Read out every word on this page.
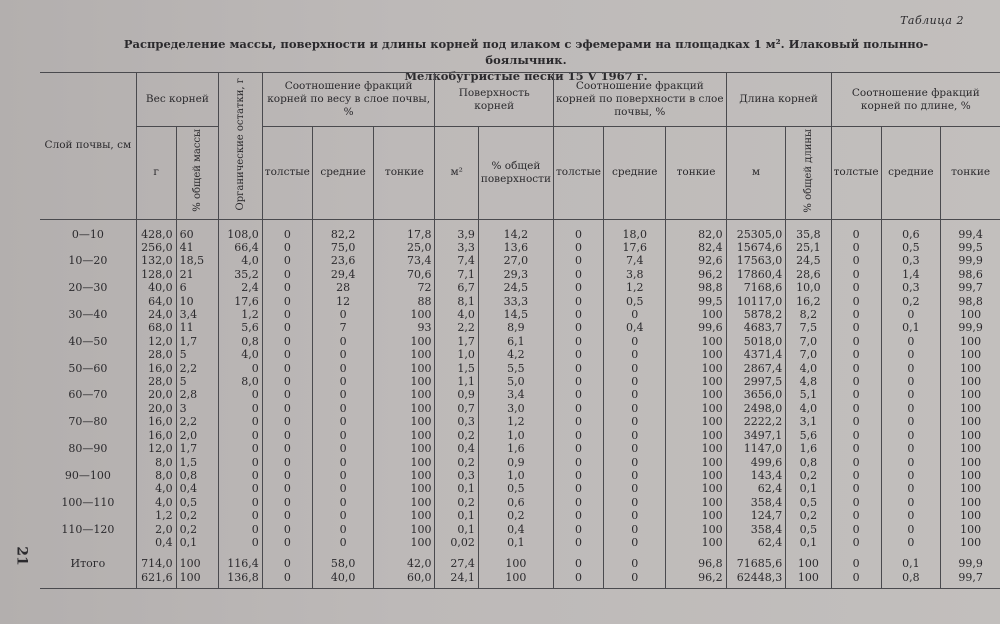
Таблица 2
Распределение массы, поверхности и длины корней под илаком с эфемерами на площадках 1 м². Илаковый полынно-боялычник.
Мелкобугристые пески 15 V 1967 г.
21
Слой почвы, см	Вес корней		Органические остатки, г	Соотношение фракций корней по весу в слое почвы, %			Поверхность корней		Соотношение фракций корней по поверхности в слое почвы, %			Длина корней		Соотношение фракций корней по длине, %		
	г	% общей массы		толстые	средние	тонкие	м²	% общей поверхности	толстые	средние	тонкие	м	% общей длины	толстые	средние	тонкие
0—10	428,0	60	108,0	0	82,2	17,8	3,9	14,2	0	18,0	82,0	25305,0	35,8	0	0,6	99,4
	256,0	41	66,4	0	75,0	25,0	3,3	13,6	0	17,6	82,4	15674,6	25,1	0	0,5	99,5
10—20	132,0	18,5	4,0	0	23,6	73,4	7,4	27,0	0	7,4	92,6	17563,0	24,5	0	0,3	99,9
	128,0	21	35,2	0	29,4	70,6	7,1	29,3	0	3,8	96,2	17860,4	28,6	0	1,4	98,6
20—30	40,0	6	2,4	0	28	72	6,7	24,5	0	1,2	98,8	7168,6	10,0	0	0,3	99,7
	64,0	10	17,6	0	12	88	8,1	33,3	0	0,5	99,5	10117,0	16,2	0	0,2	98,8
30—40	24,0	3,4	1,2	0	0	100	4,0	14,5	0	0	100	5878,2	8,2	0	0	100
	68,0	11	5,6	0	7	93	2,2	8,9	0	0,4	99,6	4683,7	7,5	0	0,1	99,9
40—50	12,0	1,7	0,8	0	0	100	1,7	6,1	0	0	100	5018,0	7,0	0	0	100
	28,0	5	4,0	0	0	100	1,0	4,2	0	0	100	4371,4	7,0	0	0	100
50—60	16,0	2,2	0	0	0	100	1,5	5,5	0	0	100	2867,4	4,0	0	0	100
	28,0	5	8,0	0	0	100	1,1	5,0	0	0	100	2997,5	4,8	0	0	100
60—70	20,0	2,8	0	0	0	100	0,9	3,4	0	0	100	3656,0	5,1	0	0	100
	20,0	3	0	0	0	100	0,7	3,0	0	0	100	2498,0	4,0	0	0	100
70—80	16,0	2,2	0	0	0	100	0,3	1,2	0	0	100	2222,2	3,1	0	0	100
	16,0	2,0	0	0	0	100	0,2	1,0	0	0	100	3497,1	5,6	0	0	100
80—90	12,0	1,7	0	0	0	100	0,4	1,6	0	0	100	1147,0	1,6	0	0	100
	8,0	1,5	0	0	0	100	0,2	0,9	0	0	100	499,6	0,8	0	0	100
90—100	8,0	0,8	0	0	0	100	0,3	1,0	0	0	100	143,4	0,2	0	0	100
	4,0	0,4	0	0	0	100	0,1	0,5	0	0	100	62,4	0,1	0	0	100
100—110	4,0	0,5	0	0	0	100	0,2	0,6	0	0	100	358,4	0,5	0	0	100
	1,2	0,2	0	0	0	100	0,1	0,2	0	0	100	124,7	0,2	0	0	100
110—120	2,0	0,2	0	0	0	100	0,1	0,4	0	0	100	358,4	0,5	0	0	100
	0,4	0,1	0	0	0	100	0,02	0,1	0	0	100	62,4	0,1	0	0	100
Итого	714,0	100	116,4	0	58,0	42,0	27,4	100	0	0	96,8	71685,6	100	0	0,1	99,9
	621,6	100	136,8	0	40,0	60,0	24,1	100	0	0	96,2	62448,3	100	0	0,8	99,7
